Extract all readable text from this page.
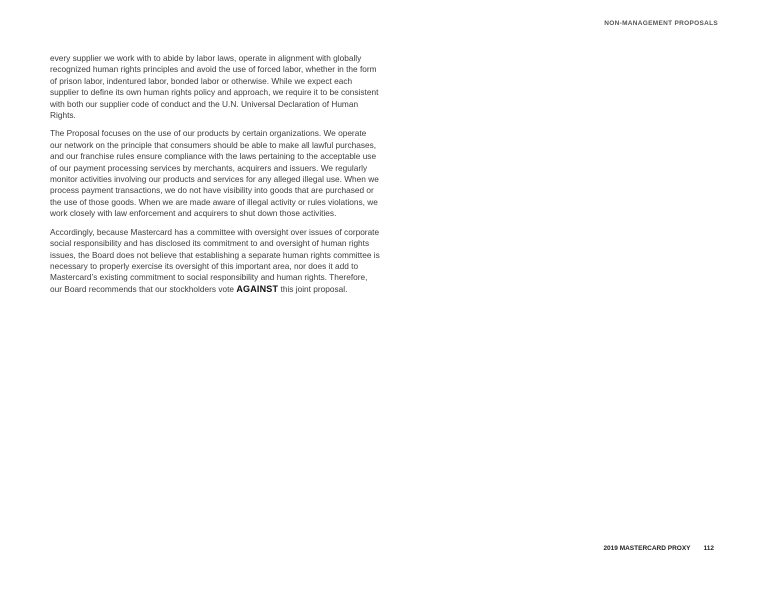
NON-MANAGEMENT PROPOSALS

every supplier we work with to abide by labor laws, operate in alignment with globally recognized human rights principles and avoid the use of forced labor, whether in the form of prison labor, indentured labor, bonded labor or otherwise. While we expect each supplier to define its own human rights policy and approach, we require it to be consistent with both our supplier code of conduct and the U.N. Universal Declaration of Human Rights.

The Proposal focuses on the use of our products by certain organizations. We operate our network on the principle that consumers should be able to make all lawful purchases, and our franchise rules ensure compliance with the laws pertaining to the acceptable use of our payment processing services by merchants, acquirers and issuers. We regularly monitor activities involving our products and services for any alleged illegal use. When we process payment transactions, we do not have visibility into goods that are purchased or the use of those goods. When we are made aware of illegal activity or rules violations, we work closely with law enforcement and acquirers to shut down those activities.

Accordingly, because Mastercard has a committee with oversight over issues of corporate social responsibility and has disclosed its commitment to and oversight of human rights issues, the Board does not believe that establishing a separate human rights committee is necessary to properly exercise its oversight of this important area, nor does it add to Mastercard’s existing commitment to social responsibility and human rights. Therefore, our Board recommends that our stockholders vote AGAINST this joint proposal.

2019 MASTERCARD PROXY 112
